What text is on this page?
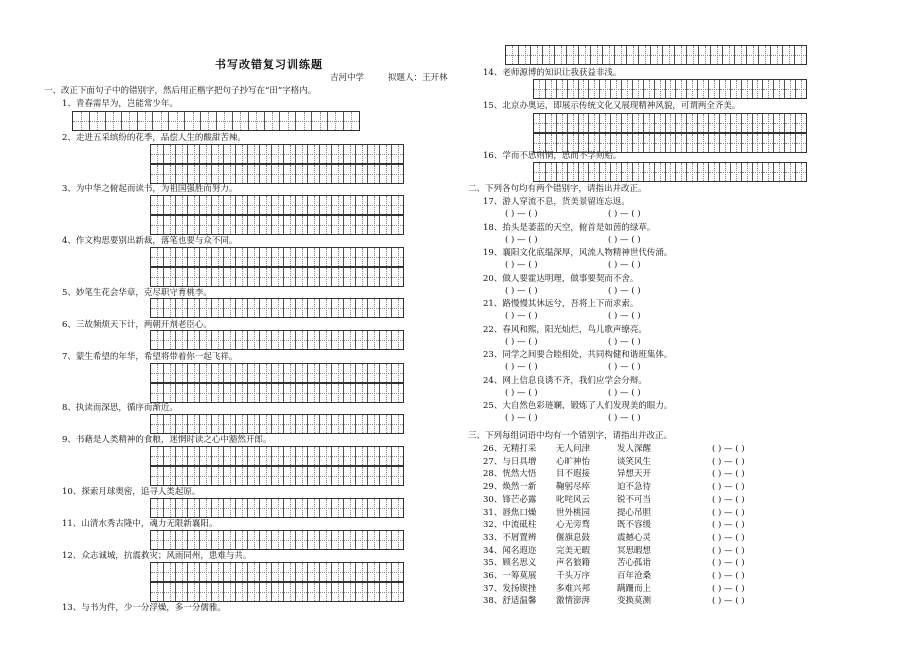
书写改错复习训练题
吉河中学	拟题人：王开林
一、改正下面句子中的错别字，然后用正楷字把句子抄写在“田”字格内。
1、青春需早为，岂能常少年。
2、走进五采缤纷的花季，品偿人生的酸甜苦辣。
3、为中华之俯起而读书，为祖国强胜而努力。
4、作文构思要别出新裁，落笔也要与众不同。
5、妙笔生花会华章，克尽职守育桃李。
6、三故频烦天下计，两朝开剂老臣心。
7、蒙生希望的年华，希望将带着你一起飞祥。
8、执读而深思，循序而渐近。
9、书藉是人类精神的食粮，迷惘时读之心中豁然开郎。
10、探索月球奥密，追寻人类起原。
11、山清水秀古隆中，魂力无限新襄阳。
12、众志诚城，抗震救灾；风雨同州，患难与共。
13、与书为件，少一分浮燥，多一分儒雅。
14、老师源博的知识让我获益非浅。
15、北京办奥运，即展示传统文化又展现精神风貌，可谓两全齐美。
16、学而不思则惘，思而不学则贻。
二、下列各句均有两个错别字，请指出并改正。
17、游人穿流不息，货美景留连忘返。
( ) — ( )	( ) — ( )
18、抬头是萎蓝的天空，俯首是如茵的绿草。
( ) — ( )	( ) — ( )
19、襄阳文化底缊深厚，风流人物精神世代传涌。
( ) — ( )	( ) — ( )
20、做人要霍达明理，做事要契而不舍。
( ) — ( )	( ) — ( )
21、路慢慢其休远兮，吾将上下而求索。
( ) — ( )	( ) — ( )
22、春风和熙，阳光灿烂，鸟儿歌声缭亮。
( ) — ( )	( ) — ( )
23、同学之间要合睦相处，共同构健和谐班集体。
( ) — ( )	( ) — ( )
24、网上信息良诱不齐，我们应学会分辩。
( ) — ( )	( ) — ( )
25、大自然色彩琏斓，锻炼了人们发现美的眼力。
( ) — ( )	( ) — ( )
三、下列每组词语中均有一个错别字，请指出并改正。
26、无精打采 无人问津	发人深醒	( ) — ( )
27、与日具增 心旷神怡	谈笑风生	( ) — ( )
28、恍然大悟 目不遐接	异想天开	( ) — ( )
29、焕然一新 鞠躬尽瘁	迫不急待	( ) — ( )
30、锋芒必露 叱咤风云	锐不可当	( ) — ( )
31、唇焦口燥 世外桃园	提心吊胆	( ) — ( )
32、中流砥柱 心无旁骛	既不容缓	( ) — ( )
33、不屑置辨 偃旗息鼓	震撼心灵	( ) — ( )
34、闻名遐迩 完美无暇	冥思暇想	( ) — ( )
35、顾名思义 声名狼籍	苦心孤诣	( ) — ( )
36、一筹莫展 千头万序	百年沧桑	( ) — ( )
37、发扬锲挫 多难兴邦	蹒跚而上	( ) — ( )
38、舒适温馨 激情澎湃	变换莫测	( ) — ( )
